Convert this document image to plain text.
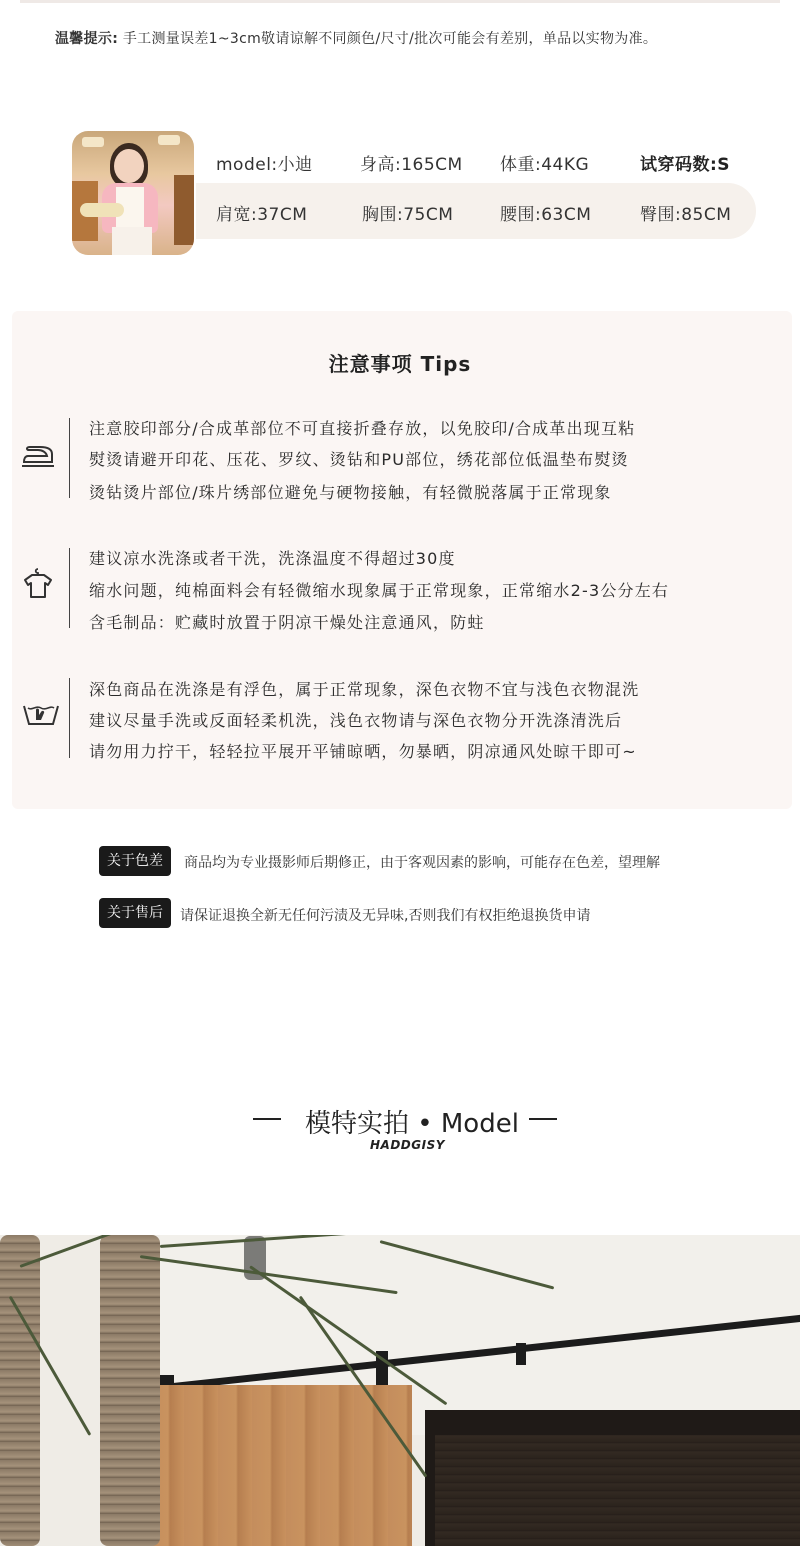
温馨提示: 手工测量误差1~3cm敬请谅解不同颜色/尺寸/批次可能会有差别，单品以实物为准。
model:小迪	身高:165CM 体重:44KG	试穿码数:S
肩宽:37CM	胸围:75CM	腰围:63CM	臀围:85CM
注意事项 Tips
注意胶印部分/合成革部位不可直接折叠存放，以免胶印/合成革出现互粘
熨烫请避开印花、压花、罗纹、烫钻和PU部位，绣花部位低温垫布熨烫
烫钻烫片部位/珠片绣部位避免与硬物接触，有轻微脱落属于正常现象
建议凉水洗涤或者干洗，洗涤温度不得超过30度
缩水问题，纯棉面料会有轻微缩水现象属于正常现象，正常缩水2-3公分左右
含毛制品：贮藏时放置于阴凉干燥处注意通风，防蛀
深色商品在洗涤是有浮色，属于正常现象，深色衣物不宜与浅色衣物混洗
建议尽量手洗或反面轻柔机洗，浅色衣物请与深色衣物分开洗涤清洗后
请勿用力拧干，轻轻拉平展开平铺晾晒，勿暴晒，阴凉通风处晾干即可~
关于色差	商品均为专业摄影师后期修正，由于客观因素的影响，可能存在色差，望理解
关于售后	请保证退换全新无任何污渍及无异味,否则我们有权拒绝退换货申请
模特实拍 • Model
HADDGISY
